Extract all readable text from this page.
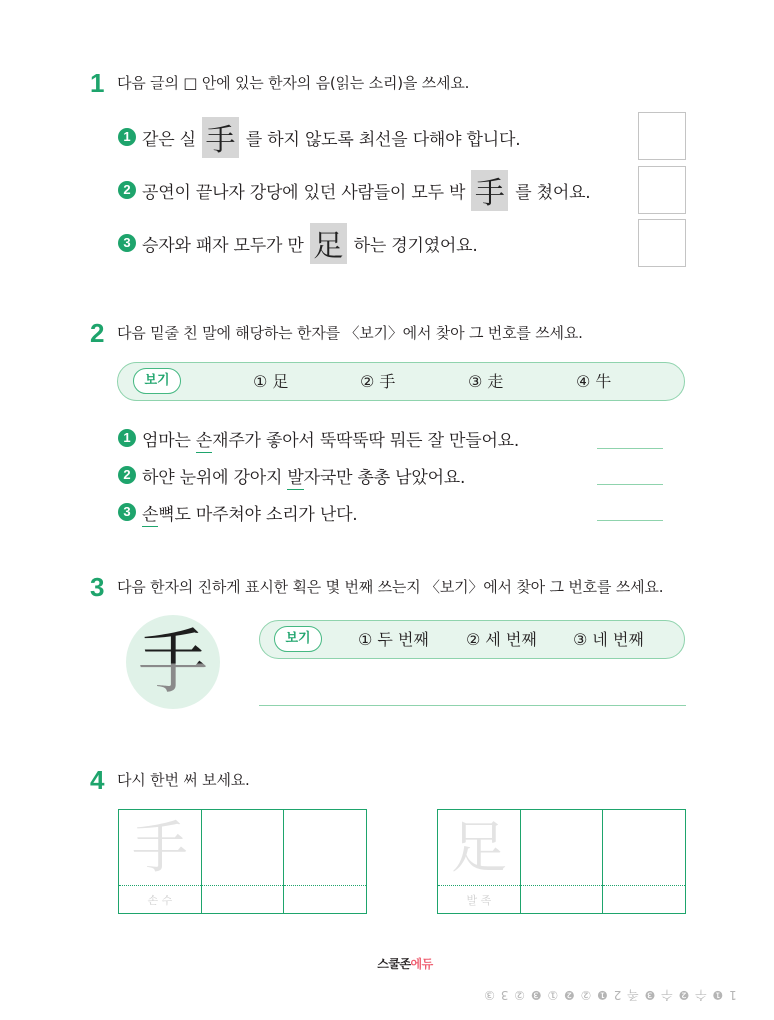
1 다음 글의 □ 안에 있는 한자의 음(읽는 소리)을 쓰세요.
1 같은 실 手 를 하지 않도록 최선을 다해야 합니다.
2 공연이 끝나자 강당에 있던 사람들이 모두 박 手 를 쳤어요.
3 승자와 패자 모두가 만 足 하는 경기였어요.
2 다음 밑줄 친 말에 해당하는 한자를 〈보기〉에서 찾아 그 번호를 쓰세요.
보기	① 足	② 手	③ 走	④ 牛
1 엄마는 손재주가 좋아서 뚝딱뚝딱 뭐든 잘 만들어요.
2 하얀 눈위에 강아지 발자국만 총총 남았어요.
3 손뼉도 마주쳐야 소리가 난다.
3 다음 한자의 진하게 표시한 획은 몇 번째 쓰는지 〈보기〉에서 찾아 그 번호를 쓰세요.
手	보기	① 두 번째 ② 세 번째 ③ 네 번째
4 다시 한번 써 보세요.
手
손 수
足
발 족
스쿨존에듀
1 ❶ 수 ❷ 수 ❸ 족 2 ❶ ② ❷ ① ❸ ② 3 ③
